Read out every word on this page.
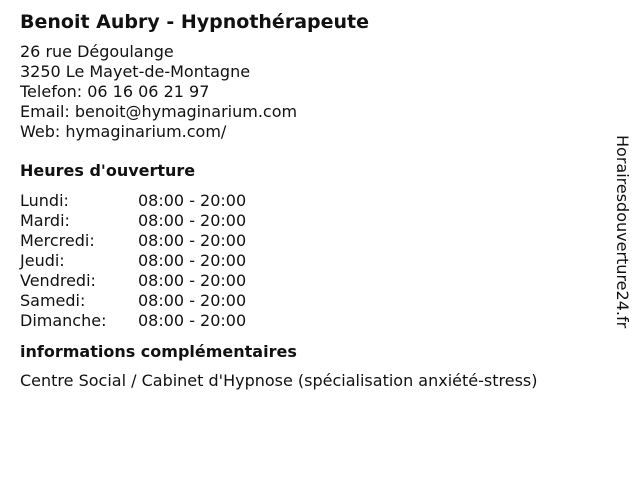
Benoit Aubry - Hypnothérapeute
26 rue Dégoulange
3250 Le Mayet-de-Montagne
Telefon: 06 16 06 21 97
Email: benoit@hymaginarium.com
Web: hymaginarium.com/
Heures d'ouverture
Lundi:	08:00 - 20:00
Mardi:	08:00 - 20:00
Mercredi:	08:00 - 20:00
Jeudi:	08:00 - 20:00
Vendredi:	08:00 - 20:00
Samedi:	08:00 - 20:00
Dimanche: 08:00 - 20:00
informations complémentaires
Centre Social / Cabinet d'Hypnose (spécialisation anxiété-stress)
Horairesdouverture24.fr
